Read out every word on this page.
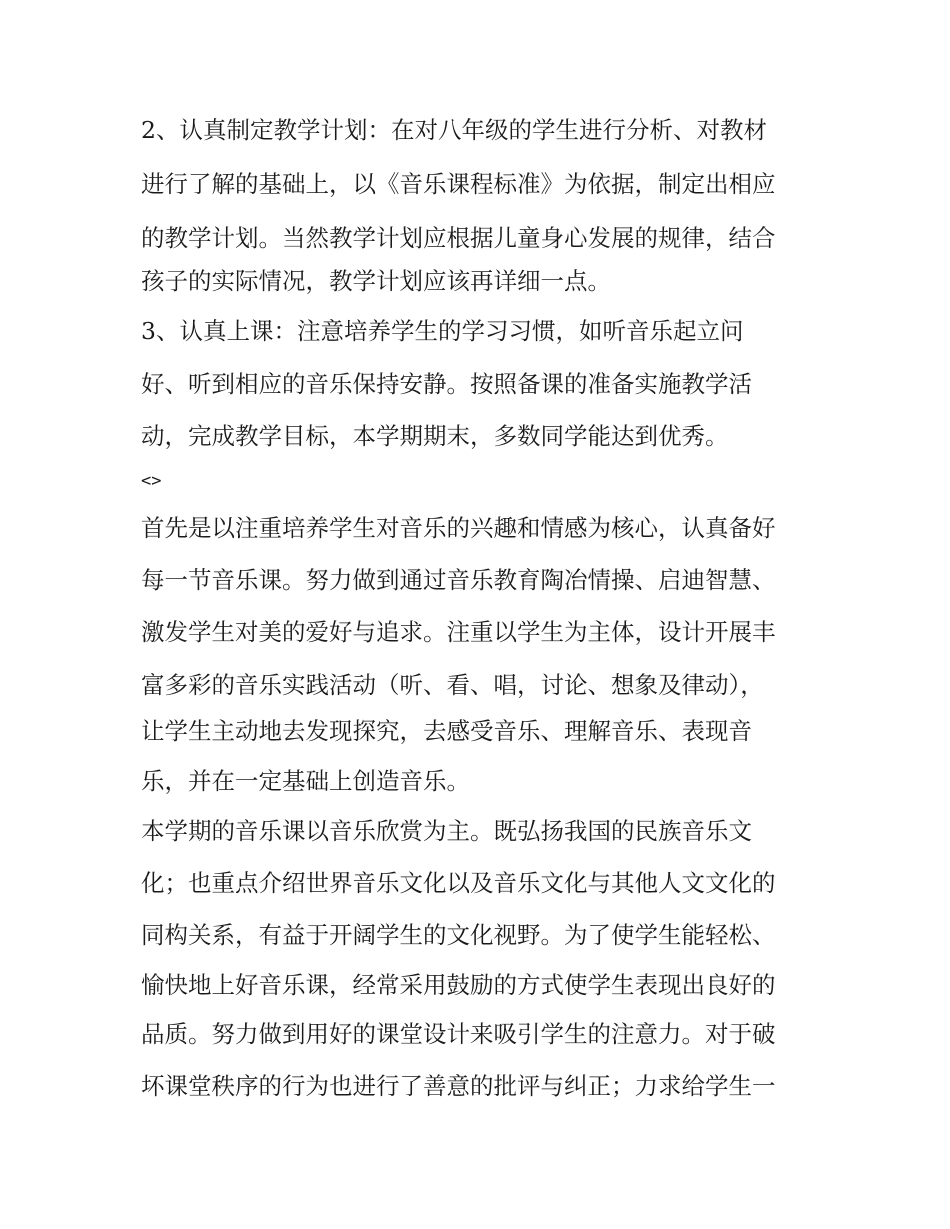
2、认真制定教学计划：在对八年级的学生进行分析、对教材
进行了解的基础上，以《音乐课程标准》为依据，制定出相应
的教学计划。当然教学计划应根据儿童身心发展的规律，结合
孩子的实际情况，教学计划应该再详细一点。
3、认真上课：注意培养学生的学习习惯，如听音乐起立问
好、听到相应的音乐保持安静。按照备课的准备实施教学活
动，完成教学目标，本学期期末，多数同学能达到优秀。
<>
首先是以注重培养学生对音乐的兴趣和情感为核心，认真备好
每一节音乐课。努力做到通过音乐教育陶冶情操、启迪智慧、
激发学生对美的爱好与追求。注重以学生为主体，设计开展丰
富多彩的音乐实践活动（听、看、唱，讨论、想象及律动），
让学生主动地去发现探究，去感受音乐、理解音乐、表现音
乐，并在一定基础上创造音乐。
本学期的音乐课以音乐欣赏为主。既弘扬我国的民族音乐文
化；也重点介绍世界音乐文化以及音乐文化与其他人文文化的
同构关系，有益于开阔学生的文化视野。为了使学生能轻松、
愉快地上好音乐课，经常采用鼓励的方式使学生表现出良好的
品质。努力做到用好的课堂设计来吸引学生的注意力。对于破
坏课堂秩序的行为也进行了善意的批评与纠正；力求给学生一
